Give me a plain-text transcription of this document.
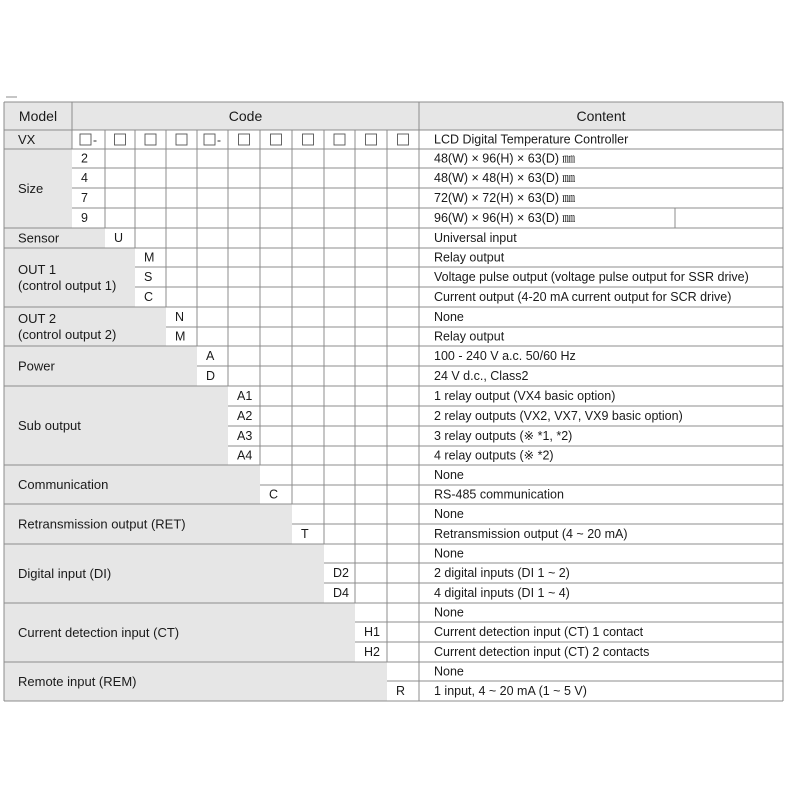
Model	Code	Content
VX	LCD Digital Temperature Controller
Size
2	48(W) × 96(H) × 63(D) ㎜
4	48(W) × 48(H) × 63(D) ㎜
7	72(W) × 72(H) × 63(D) ㎜
9	96(W) × 96(H) × 63(D) ㎜
Sensor	U	Universal input
OUT 1
(control output 1)
M	Relay output
S	Voltage pulse output (voltage pulse output for SSR drive)
C	Current output (4-20 mA current output for SCR drive)
OUT 2
(control output 2)
N	None
M	Relay output
Power
A	100 - 240 V a.c. 50/60 Hz
D	24 V d.c., Class2
Sub output
A1	1 relay output (VX4 basic option)
A2	2 relay outputs (VX2, VX7, VX9 basic option)
A3	3 relay outputs (※ *1, *2)
A4	4 relay outputs (※ *2)
Communication
None
C	RS-485 communication
Retransmission output (RET)
None
T	Retransmission output (4 ~ 20 mA)
Digital input (DI)
None
D2	2 digital inputs (DI 1 ~ 2)
D4	4 digital inputs (DI 1 ~ 4)
Current detection input (CT)
None
H1	Current detection input (CT) 1 contact
H2	Current detection input (CT) 2 contacts
Remote input (REM)
None
R 1 input, 4 ~ 20 mA (1 ~ 5 V)
